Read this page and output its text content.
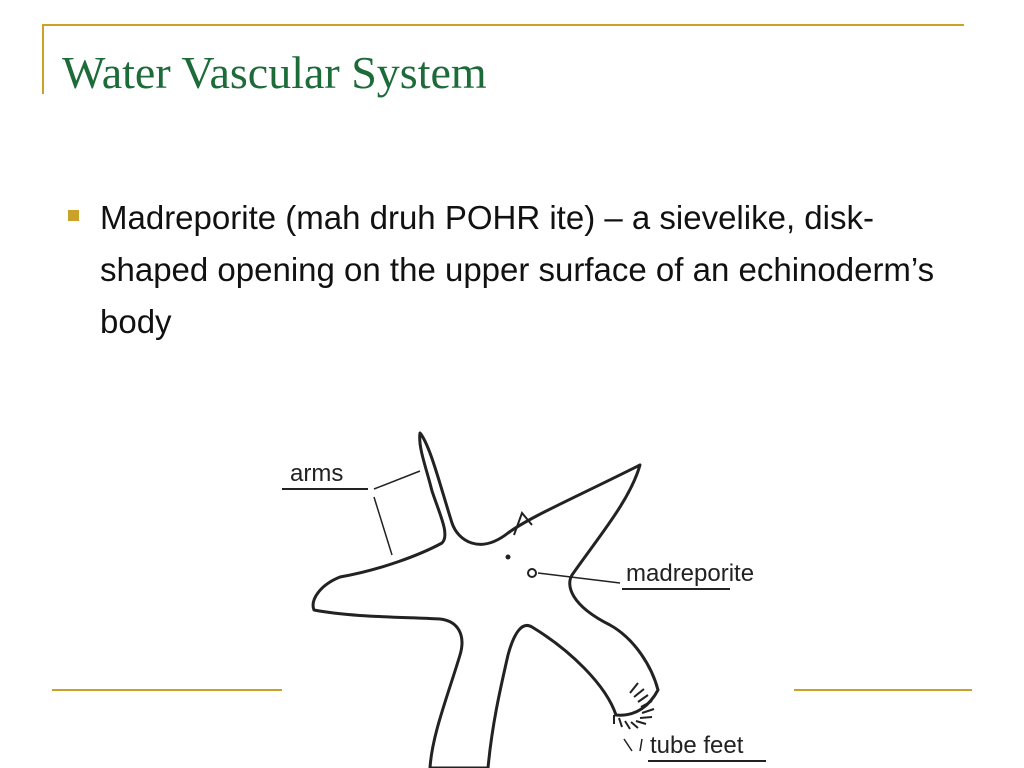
Water Vascular System
Madreporite (mah druh POHR ite) – a sievelike, disk-shaped opening on the upper surface of an echinoderm’s body
arms
madreporite
tube feet
